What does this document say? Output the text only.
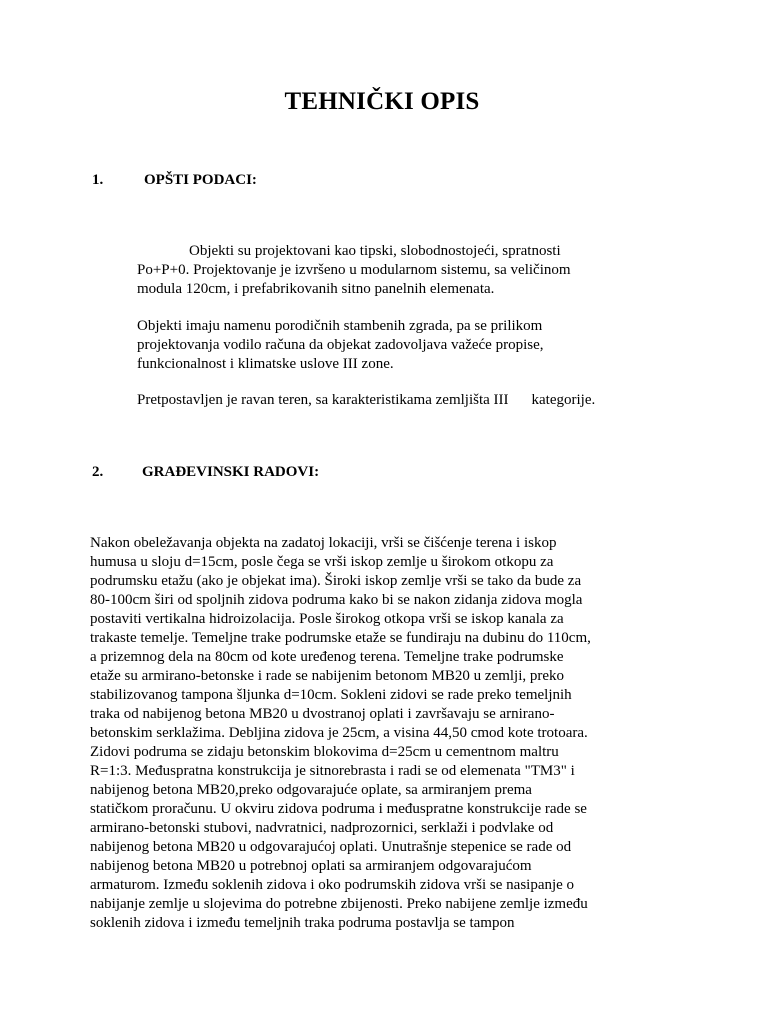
TEHNIČKI OPIS
1.	OPŠTI PODACI:
Objekti su projektovani kao tipski, slobodnostojeći, spratnosti
Po+P+0. Projektovanje je izvršeno u modularnom sistemu, sa veličinom
modula 120cm, i prefabrikovanih sitno panelnih elemenata.
Objekti imaju namenu porodičnih stambenih zgrada, pa se prilikom
projektovanja vodilo računa da objekat zadovoljava važeće propise,
funkcionalnost i klimatske uslove III zone.
Pretpostavljen je ravan teren, sa karakteristikama zemljišta III kategorije.
2.	GRAĐEVINSKI RADOVI:
Nakon obeležavanja objekta na zadatoj lokaciji, vrši se čišćenje terena i iskop
humusa u sloju d=15cm, posle čega se vrši iskop zemlje u širokom otkopu za
podrumsku etažu (ako je objekat ima). Široki iskop zemlje vrši se tako da bude za
80-100cm širi od spoljnih zidova podruma kako bi se nakon zidanja zidova mogla
postaviti vertikalna hidroizolacija. Posle širokog otkopa vrši se iskop kanala za
trakaste temelje. Temeljne trake podrumske etaže se fundiraju na dubinu do 110cm,
a prizemnog dela na 80cm od kote uređenog terena. Temeljne trake podrumske
etaže su armirano-betonske i rade se nabijenim betonom MB20 u zemlji, preko
stabilizovanog tampona šljunka d=10cm. Sokleni zidovi se rade preko temeljnih
traka od nabijenog betona MB20 u dvostranoj oplati i završavaju se arnirano-
betonskim serklažima. Debljina zidova je 25cm, a visina 44,50 cmod kote trotoara.
Zidovi podruma se zidaju betonskim blokovima d=25cm u cementnom maltru
R=1:3. Međuspratna konstrukcija je sitnorebrasta i radi se od elemenata "TM3" i
nabijenog betona MB20,preko odgovarajuće oplate, sa armiranjem prema
statičkom proračunu. U okviru zidova podruma i međuspratne konstrukcije rade se
armirano-betonski stubovi, nadvratnici, nadprozornici, serklaži i podvlake od
nabijenog betona MB20 u odgovarajućoj oplati. Unutrašnje stepenice se rade od
nabijenog betona MB20 u potrebnoj oplati sa armiranjem odgovarajućom
armaturom. Između soklenih zidova i oko podrumskih zidova vrši se nasipanje o
nabijanje zemlje u slojevima do potrebne zbijenosti. Preko nabijene zemlje između
soklenih zidova i između temeljnih traka podruma postavlja se tampon
